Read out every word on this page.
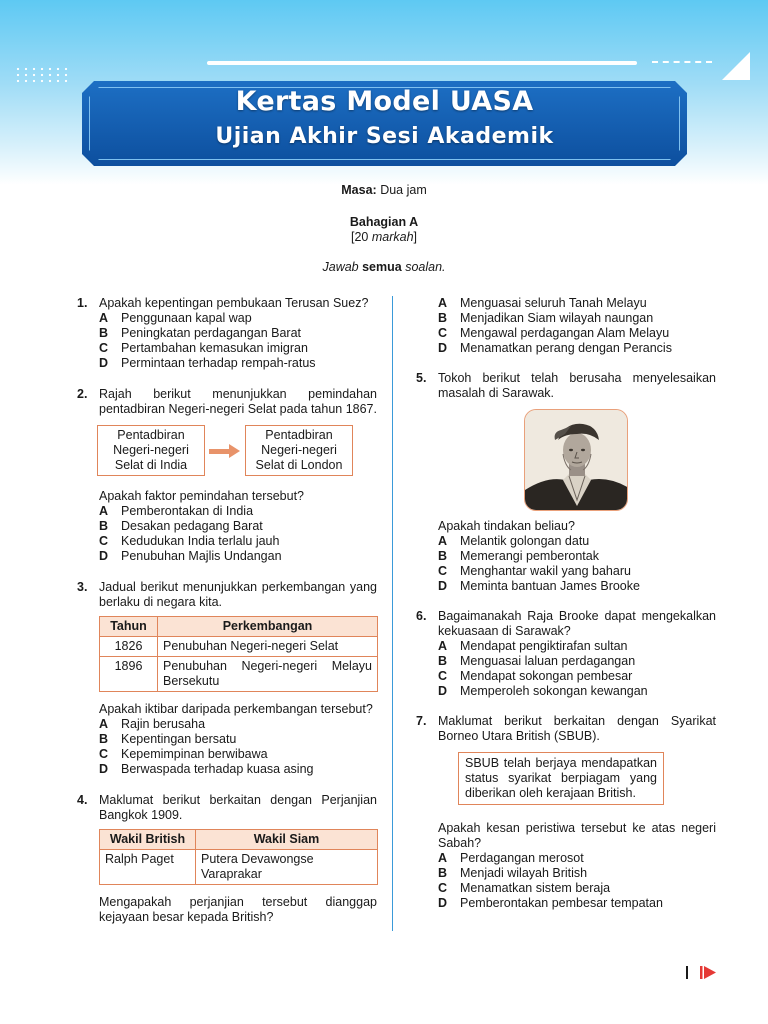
Kertas Model UASA
Ujian Akhir Sesi Akademik
Masa: Dua jam
Bahagian A
[20 markah]
Jawab semua soalan.
1. Apakah kepentingan pembukaan Terusan Suez?
A	Penggunaan kapal wap
B	Peningkatan perdagangan Barat
C	Pertambahan kemasukan imigran
D	Permintaan terhadap rempah-ratus
2. Rajah berikut menunjukkan pemindahan pentadbiran Negeri-negeri Selat pada tahun 1867.
Pentadbiran
Negeri-negeri
Selat di India
Pentadbiran
Negeri-negeri
Selat di London
Apakah faktor pemindahan tersebut?
A	Pemberontakan di India
B	Desakan pedagang Barat
C	Kedudukan India terlalu jauh
D	Penubuhan Majlis Undangan
3. Jadual berikut menunjukkan perkembangan yang berlaku di negara kita.
Tahun	Perkembangan
1826	Penubuhan Negeri-negeri Selat
1896	Penubuhan Negeri-negeri Melayu Bersekutu
Apakah iktibar daripada perkembangan tersebut?
A	Rajin berusaha
B	Kepentingan bersatu
C	Kepemimpinan berwibawa
D	Berwaspada terhadap kuasa asing
4. Maklumat berikut berkaitan dengan Perjanjian Bangkok 1909.
Wakil British	Wakil Siam
Ralph Paget	Putera Devawongse Varaprakar
Mengapakah perjanjian tersebut dianggap kejayaan besar kepada British?
A	Menguasai seluruh Tanah Melayu
B	Menjadikan Siam wilayah naungan
C	Mengawal perdagangan Alam Melayu
D	Menamatkan perang dengan Perancis
5. Tokoh berikut telah berusaha menyelesaikan masalah di Sarawak.
Apakah tindakan beliau?
A	Melantik golongan datu
B	Memerangi pemberontak
C	Menghantar wakil yang baharu
D	Meminta bantuan James Brooke
6. Bagaimanakah Raja Brooke dapat mengekalkan kekuasaan di Sarawak?
A	Mendapat pengiktirafan sultan
B	Menguasai laluan perdagangan
C	Mendapat sokongan pembesar
D	Memperoleh sokongan kewangan
7. Maklumat berikut berkaitan dengan Syarikat Borneo Utara British (SBUB).
SBUB telah berjaya mendapatkan status syarikat berpiagam yang diberikan oleh kerajaan British.
Apakah kesan peristiwa tersebut ke atas negeri Sabah?
A	Perdagangan merosot
B	Menjadi wilayah British
C	Menamatkan sistem beraja
D	Pemberontakan pembesar tempatan
